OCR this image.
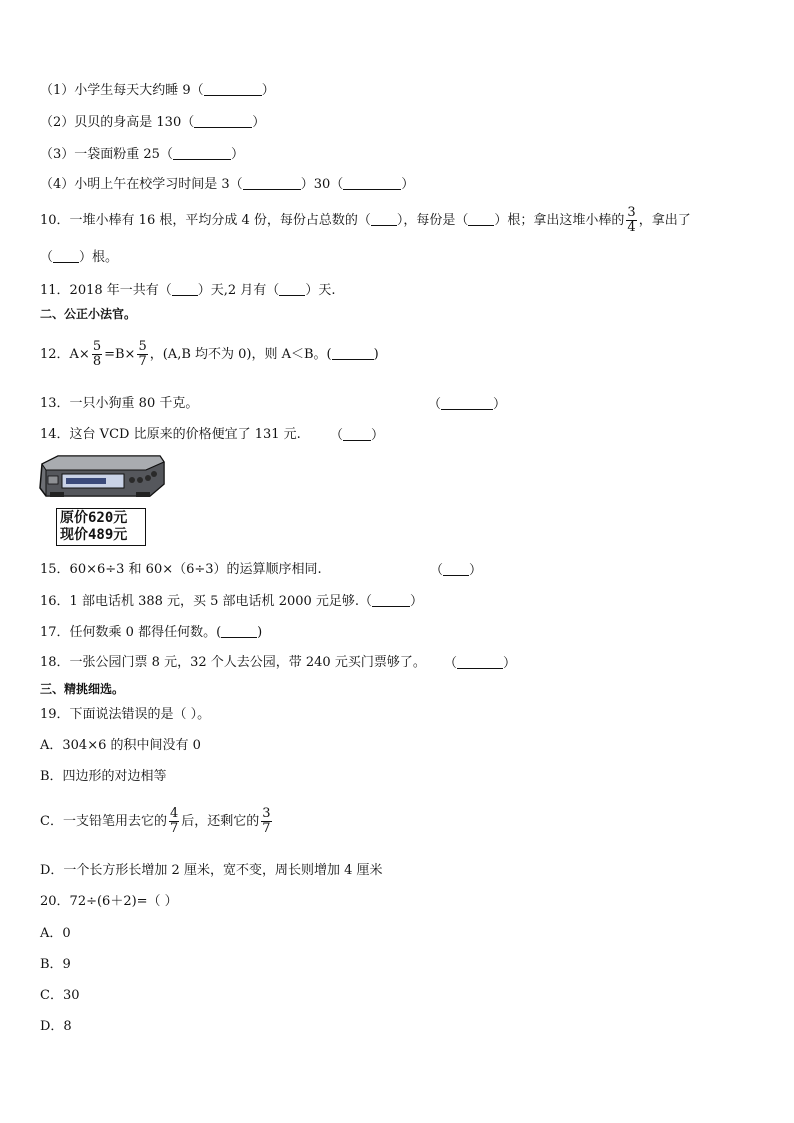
（1）小学生每天大约睡 9（	）
（2）贝贝的身高是 130（	）
（3）一袋面粉重 25（	）
（4）小明上午在校学习时间是 3（	）30（	）
10．一堆小棒有 16 根，平均分成 4 份，每份占总数的（ ），每份是（ ）根；拿出这堆小棒的 $\frac{3}{4}$ ，拿出了
（ ）根。
11．2018 年一共有（ ）天,2 月有（ ）天.
二、公正小法官。
12．$A\times \frac{5}{8} =B\times \frac{5}{7}$ ，(A,B 均不为 0)，则 A＜B。(	)
13．一只小狗重 80 千克。	（	）
14．这台 VCD 比原来的价格便宜了 131 元. （ ）
原价620元
现价489元
15．60×6÷3 和 60×（6÷3）的运算顺序相同.	（ ）
16．1 部电话机 388 元，买 5 部电话机 2000 元足够.（	）
17．任何数乘 0 都得任何数。(	)
18．一张公园门票 8 元，32 个人去公园，带 240 元买门票够了。 （	）
三、精挑细选。
19．下面说法错误的是（ ）。
A．304×6 的积中间没有 0
B．四边形的对边相等
C．一支铅笔用去它的 $\frac{4}{7}$ 后，还剩它的 $\frac{3}{7}$
D．一个长方形长增加 2 厘米，宽不变，周长则增加 4 厘米
20．72÷(6＋2)=（ ）
A．0
B．9
C．30
D．8
